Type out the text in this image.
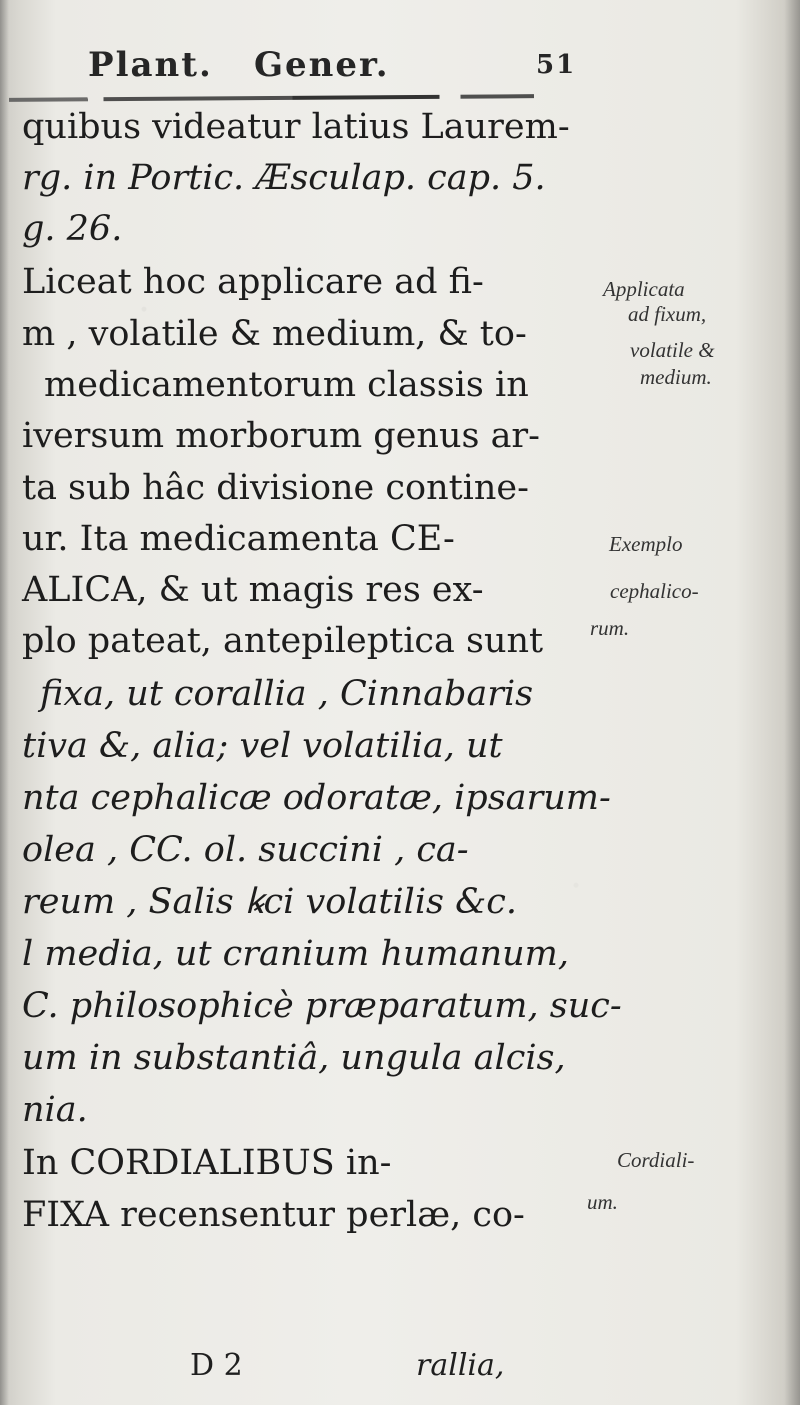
Plant. Gener.	51
quibus videatur latius Laurem-
rg. in Portic. Æsculap. cap. 5.
g. 26.
Liceat hoc applicare ad fi-
m , volatile & medium, & to-
medicamentorum classis in
iversum morborum genus ar-
ta sub hâc divisione contine-
ur. Ita medicamenta CE-
ALICA, & ut magis res ex-
plo pateat, antepileptica sunt
fixa, ut corallia , Cinnabaris
tiva &, alia; vel volatilia, ut
nta cephalicæ odoratæ, ipsarum-
olea , CC. ol. succini , ca-
reum , Salis ꝃci volatilis &c.
l media, ut cranium humanum,
C. philosophicè præparatum, suc-
um in substantiâ, ungula alcis,
nia.
In CORDIALIBUS in-
FIXA recensentur perlæ, co-
Applicata
ad fixum,
volatile &
medium.
Exemplo
cephalico-
rum.
Cordiali-
um.
D 2	rallia,
